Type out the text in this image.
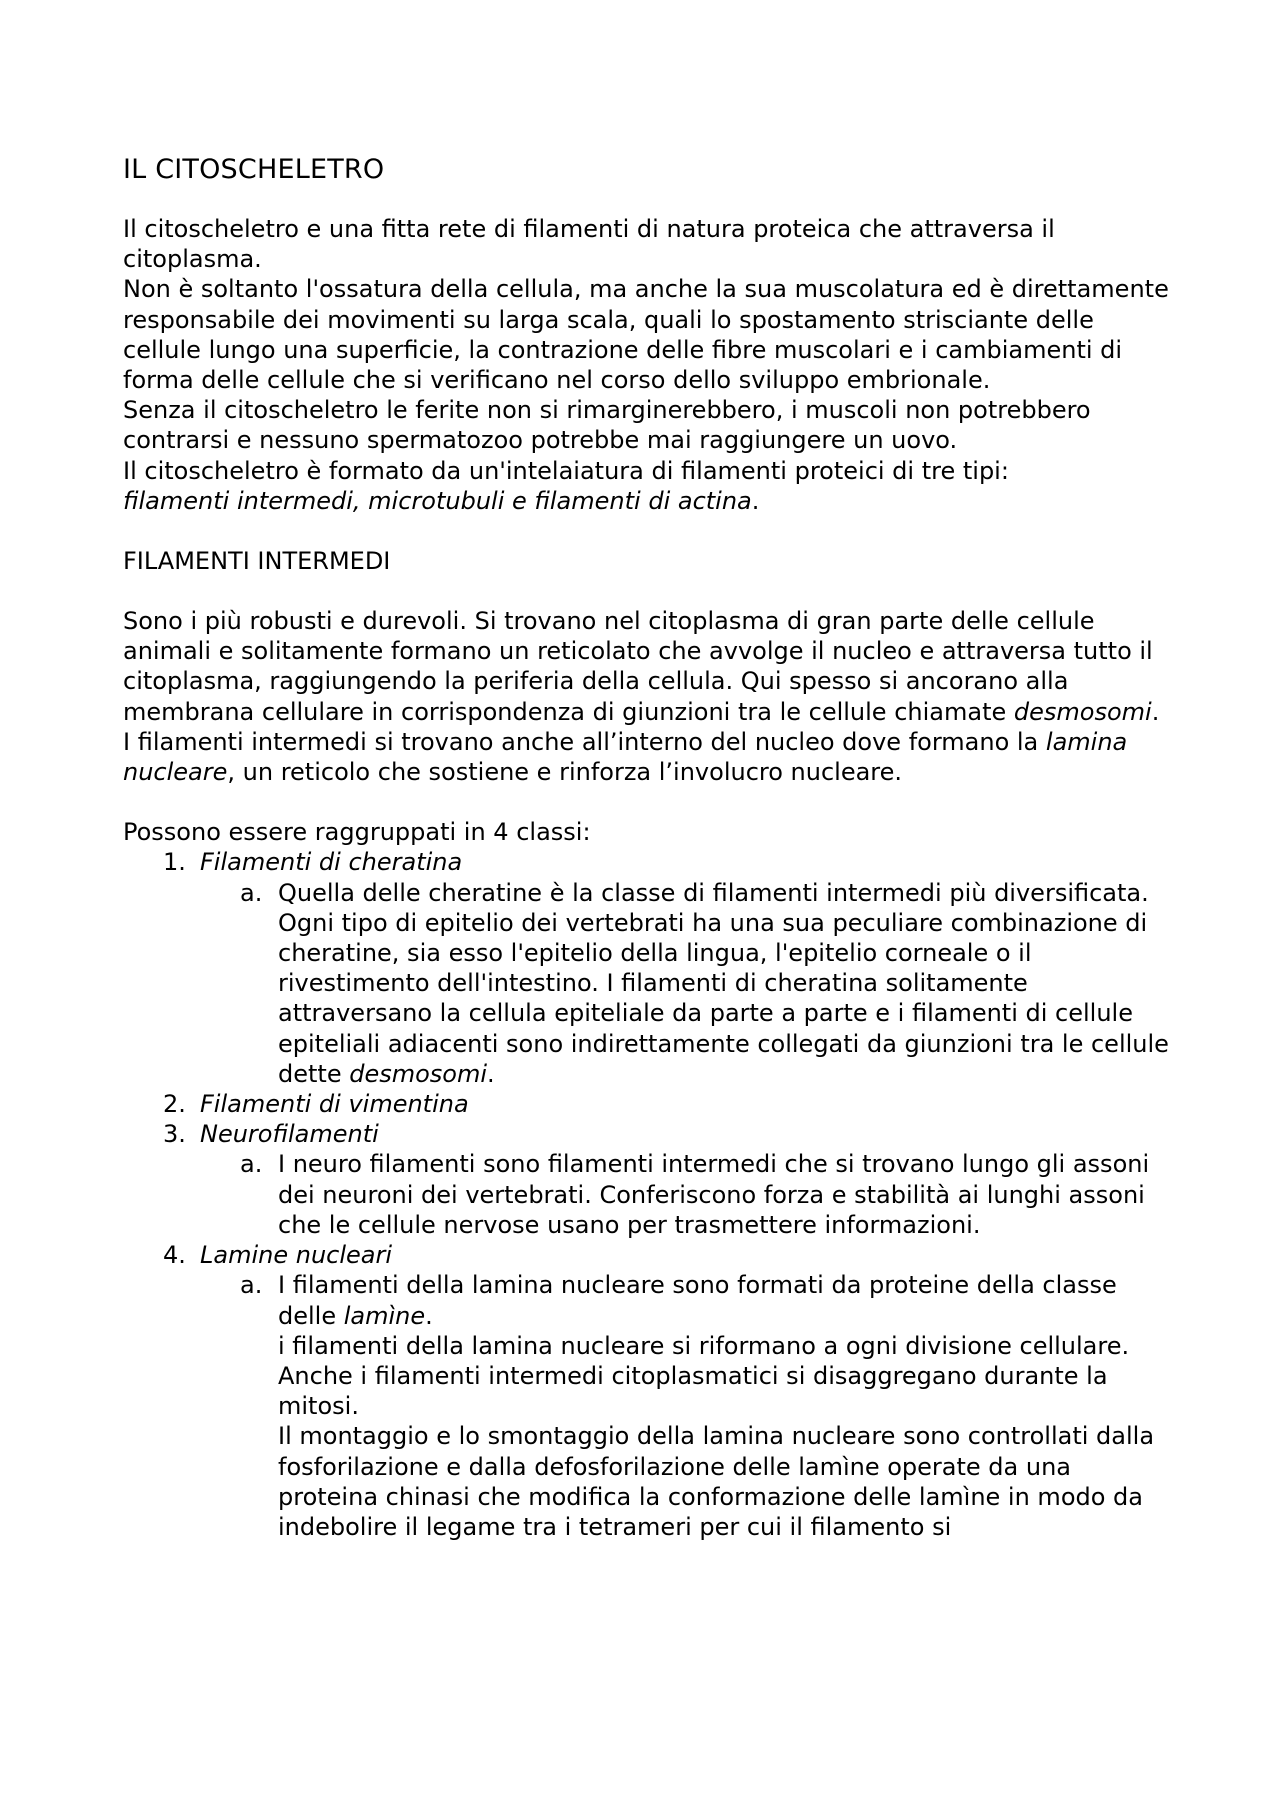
IL CITOSCHELETRO

Il citoscheletro e una fitta rete di filamenti di natura proteica che attraversa il citoplasma.

Non è soltanto l'ossatura della cellula, ma anche la sua muscolatura ed è direttamente responsabile dei movimenti su larga scala, quali lo spostamento strisciante delle cellule lungo una superficie, la contrazione delle fibre muscolari e i cambiamenti di forma delle cellule che si verificano nel corso dello sviluppo embrionale.

Senza il citoscheletro le ferite non si rimarginerebbero, i muscoli non potrebbero contrarsi e nessuno spermatozoo potrebbe mai raggiungere un uovo.

Il citoscheletro è formato da un'intelaiatura di filamenti proteici di tre tipi:
filamenti intermedi, microtubuli e filamenti di actina.

FILAMENTI INTERMEDI

Sono i più robusti e durevoli. Si trovano nel citoplasma di gran parte delle cellule animali e solitamente formano un reticolato che avvolge il nucleo e attraversa tutto il citoplasma, raggiungendo la periferia della cellula. Qui spesso si ancorano alla membrana cellulare in corrispondenza di giunzioni tra le cellule chiamate desmosomi.

I filamenti intermedi si trovano anche all’interno del nucleo dove formano la lamina nucleare, un reticolo che sostiene e rinforza l’involucro nucleare.

Possono essere raggruppati in 4 classi:

1. Filamenti di cheratina
a. Quella delle cheratine è la classe di filamenti intermedi più diversificata. Ogni tipo di epitelio dei vertebrati ha una sua peculiare combinazione di cheratine, sia esso l'epitelio della lingua, l'epitelio corneale o il rivestimento dell'intestino. I filamenti di cheratina solitamente attraversano la cellula epiteliale da parte a parte e i filamenti di cellule epiteliali adiacenti sono indirettamente collegati da giunzioni tra le cellule dette desmosomi.
2. Filamenti di vimentina
3. Neurofilamenti
a. I neuro filamenti sono filamenti intermedi che si trovano lungo gli assoni dei neuroni dei vertebrati. Conferiscono forza e stabilità ai lunghi assoni che le cellule nervose usano per trasmettere informazioni.
4. Lamine nucleari
a. I filamenti della lamina nucleare sono formati da proteine della classe delle lamìne.
i filamenti della lamina nucleare si riformano a ogni divisione cellulare. Anche i filamenti intermedi citoplasmatici si disaggregano durante la mitosi.
Il montaggio e lo smontaggio della lamina nucleare sono controllati dalla fosforilazione e dalla defosforilazione delle lamìne operate da una proteina chinasi che modifica la conformazione delle lamìne in modo da indebolire il legame tra i tetrameri per cui il filamento si
